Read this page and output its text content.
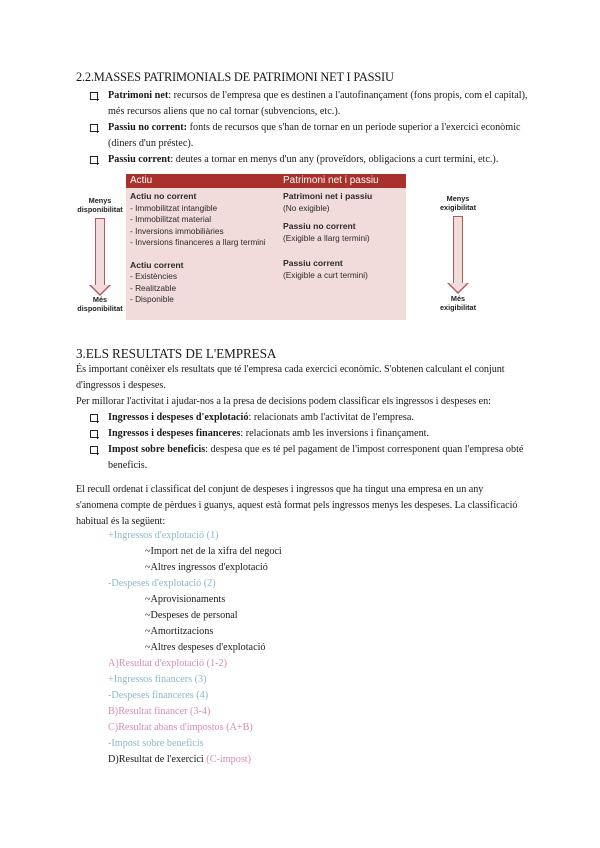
2.2.MASSES PATRIMONIALS DE PATRIMONI NET I PASSIU
Patrimoni net: recursos de l'empresa que es destinen a l'autofinançament (fons propis, com el capital), més recursos aliens que no cal tornar (subvencions, etc.).
Passiu no corrent: fonts de recursos que s'han de tornar en un període superior a l'exercici econòmic (diners d'un préstec).
Passiu corrent: deutes a tornar en menys d'un any (proveïdors, obligacions a curt termini, etc.).
Menys
disponibilitat
Més
disponibilitat
Actiu	Patrimoni net i passiu
Actiu no corrent
- Immobilitzat intangible
- Immobilitzat material
- Inversions immobiliàries
- Inversions financeres a llarg termini
Actiu corrent
- Existències
- Realitzable
- Disponible
Patrimoni net i passiu
(No exigible)
Passiu no corrent
(Exigible a llarg termini)
Passiu corrent
(Exigible a curt termini)
Menys
exigibilitat
Més
exigibilitat
3.ELS RESULTATS DE L'EMPRESA
És important conèixer els resultats que té l'empresa cada exercici econòmic. S'obtenen calculant el conjunt d'ingressos i despeses.
Per millorar l'activitat i ajudar-nos a la presa de decisions podem classificar els ingressos i despeses en:
Ingressos i despeses d'explotació: relacionats amb l'activitat de l'empresa.
Ingressos i despeses financeres: relacionats amb les inversions i finançament.
Impost sobre beneficis: despesa que es té pel pagament de l'impost corresponent quan l'empresa obté beneficis.
El recull ordenat i classificat del conjunt de despeses i ingressos que ha tingut una empresa en un any s'anomena compte de pèrdues i guanys, aquest està format pels ingressos menys les despeses. La classificació habitual és la següent:
+Ingressos d'explotació (1)
~Import net de la xifra del negoci
~Altres ingressos d'explotació
-Despeses d'explotació (2)
~Aprovisionaments
~Despeses de personal
~Amortitzacions
~Altres despeses d'explotació
A)Resultat d'explotació (1-2)
+Ingressos financers (3)
-Despeses financeres (4)
B)Resultat financer (3-4)
C)Resultat abans d'impostos (A+B)
-Impost sobre beneficis
D)Resultat de l'exercici (C-impost)
